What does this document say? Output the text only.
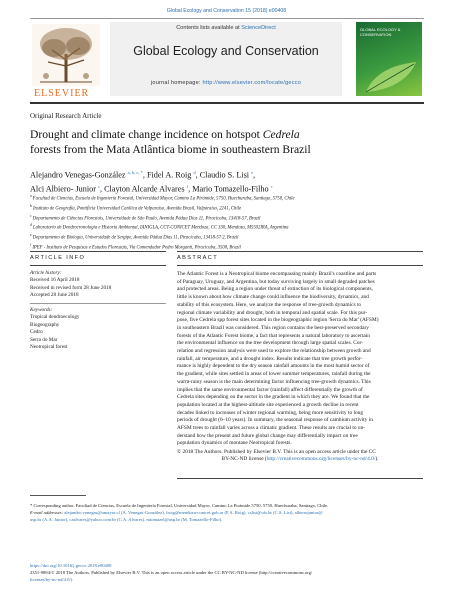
Global Ecology and Conservation 15 (2018) e00408
ELSEVIER
Contents lists available at ScienceDirect
Global Ecology and Conservation
journal homepage: http://www.elsevier.com/locate/gecco
GLOBAL ECOLOGY & CONSERVATION
Original Research Article
Drought and climate change incidence on hotspot Cedrela
forests from the Mata Atlântica biome in southeastern Brazil
Alejandro Venegas-González $^{a, b, c, *}$, Fidel A. Roig $^d$, Claudio S. Lisi $^e$,
Alci Albiero- Junior $^c$, Clayton Alcarde Alvares $^f$, Mario Tomazello-Filho $^c$
$^a$ Facultad de Ciencias, Escuela de Ingeniería Forestal, Universidad Mayor, Camino La Pirámide, 5750, Huechuraba, Santiago, 5750, Chile
$^b$ Instituto de Geografía, Pontificia Universidad Católica de Valparaíso, Avenida Brasil, Valparaíso, 2241, Chile
$^c$ Departamento de Ciências Florestais, Universidade de São Paulo, Avenida Pádua Dias 11, Piracicaba, 13418-57, Brazil
$^d$ Laboratorio de Dendrocronología e Historia Ambiental, IANIGLA, CCT-CONICET Mendoza, CC 330, Mendoza, M5502IRA, Argentina
$^e$ Departamento de Biologia, Universidade de Sergipe, Avenida Pádua Dias 11, Piracicaba, 13418-57 2, Brazil
$^f$ IPEF - Instituto de Pesquisas e Estudos Florestais, Via Comendador Pedro Morganti, Piracicaba, 3500, Brazil
ARTICLE INFO
Article history:
Received 16 April 2018
Received in revised form 28 June 2018
Accepted 28 June 2018
Keywords:
Tropical dendroecology
Biogeography
Cedro
Serra do Mar
Neotropical forest
ABSTRACT
The Atlantic Forest is a Neotropical biome encompassing mainly Brazil's coastline and parts
of Paraguay, Uruguay, and Argentina, but today surviving largely in small degraded patches
and protected areas. Being a region under threat of extinction of its biological components,
little is known about how climate change could influence the biodiversity, dynamics, and
stability of this ecosystem. Here, we analyze the response of tree-growth dynamics to
regional climate variability and drought, both in temporal and spatial scale. For this pur-
pose, five Cedrela spp forest sites located in the biogeographic region 'Serra do Mar' (AFSM)
in southeastern Brazil was considered. This region contains the best-preserved secondary
forests of the Atlantic Forest biome, a fact that represents a natural laboratory to ascertain
the environmental influence on the tree development through large spatial scales. Cor-
relation and regression analysis were used to explore the relationship between growth and
rainfall, air temperature, and a drought index. Results indicate that tree growth perfor-
mance is highly dependent to the dry season rainfall amounts in the most humid sector of
the gradient, while sites settled in areas of lower summer temperatures, rainfall during the
warm-rainy season is the main determining factor influencing tree-growth dynamics. This
implies that the same environmental factor (rainfall) affect differentially the growth of
Cedrela sites depending on the sector in the gradient in which they are. We found that the
population located at the highest-altitude site experienced a growth decline in recent
decades linked to increases of winter regional warming, being more sensitivity to long
periods of drought (6–10 years). In summary, the seasonal response of cambium activity in
AFSM trees to rainfall varies across a climatic gradient. These results are crucial to un-
derstand how the present and future global change may differentially impact on tree
population dynamics of montane Neotropical forests.
© 2018 The Authors. Published by Elsevier B.V. This is an open access article under the CC
BY-NC-ND license (http://creativecommons.org/licenses/by-nc-nd/4.0/).
* Corresponding author. Facultad de Ciencias, Escuela de Ingeniería Forestal, Universidad Mayor, Camino La Pirámide 5750, 5750, Huechuraba, Santiago, Chile.
E-mail addresses: alejandro.venegas@umayor.cl (A. Venegas-González), froig@mendoza-conicet.gob.ar (F.A. Roig), cslisi@ufs.br (C.S. Lisi), albierojunior@
usp.br (A.A. Junior), caalvares@yahoo.com.br (C.A. Alvares), mtomazel@usp.br (M. Tomazello-Filho).
https://doi.org/10.1016/j.gecco.2018.e00408
2351-9894/© 2018 The Authors. Published by Elsevier B.V. This is an open access article under the CC BY-NC-ND license (http://creativecommons.org/
licenses/by-nc-nd/4.0/).
